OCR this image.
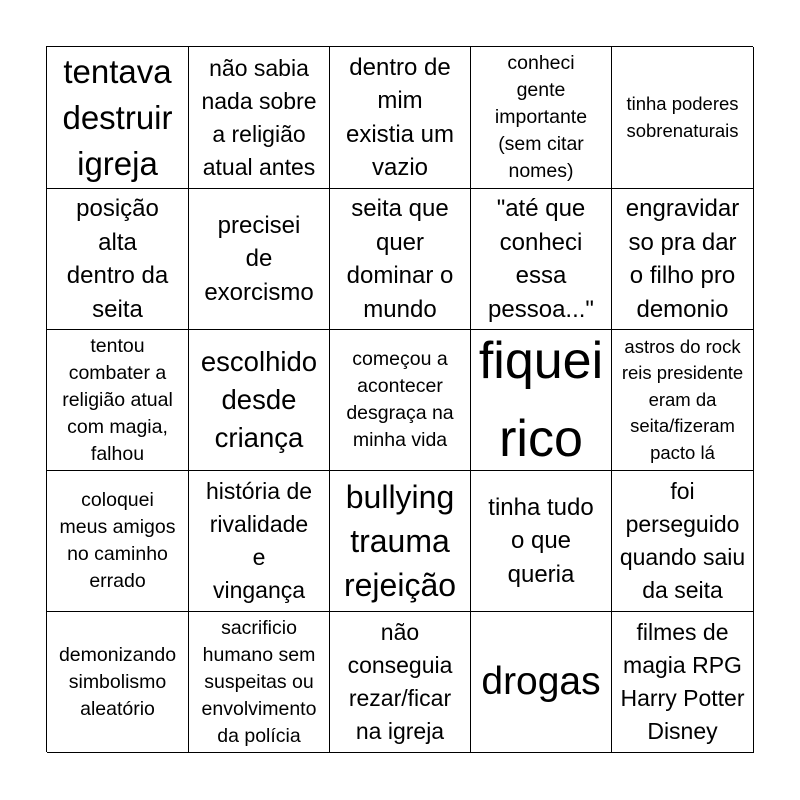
tentava
destruir
igreja
não sabia
nada sobre
a religião
atual antes
dentro de
mim
existia um
vazio
conheci
gente
importante
(sem citar
nomes)
tinha poderes
sobrenaturais
posição
alta
dentro da
seita
precisei
de
exorcismo
seita que
quer
dominar o
mundo
"até que
conheci
essa
pessoa..."
engravidar
so pra dar
o filho pro
demonio
tentou
combater a
religião atual
com magia,
falhou
escolhido
desde
criança
começou a
acontecer
desgraça na
minha vida
fiquei
rico
astros do rock
reis presidente
eram da
seita/fizeram
pacto lá
coloquei
meus amigos
no caminho
errado
história de
rivalidade
e
vingança
bullying
trauma
rejeição
tinha tudo
o que
queria
foi
perseguido
quando saiu
da seita
demonizando
simbolismo
aleatório
sacrificio
humano sem
suspeitas ou
envolvimento
da polícia
não
conseguia
rezar/ficar
na igreja
drogas
filmes de
magia RPG
Harry Potter
Disney
